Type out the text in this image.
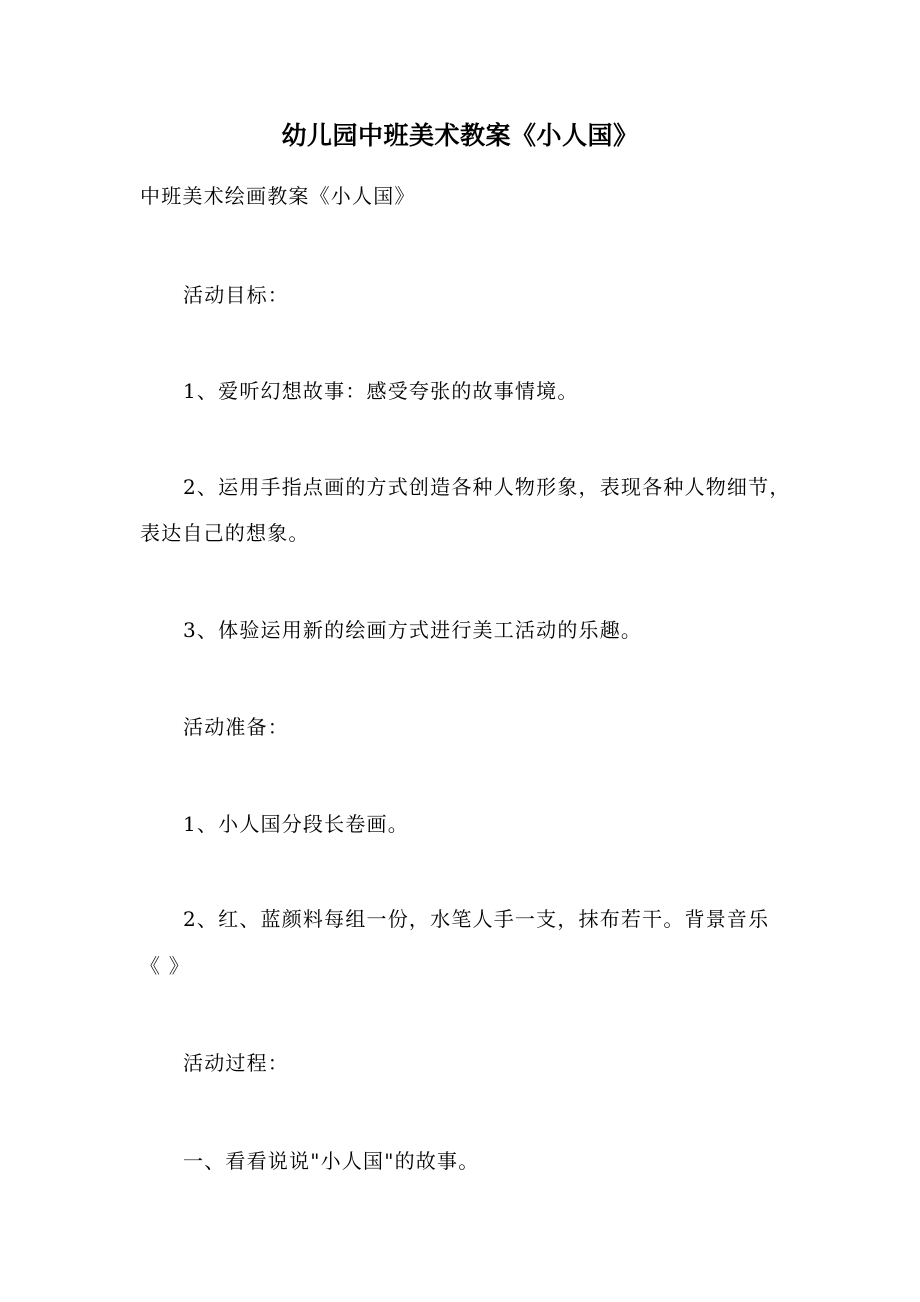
幼儿园中班美术教案《小人国》
中班美术绘画教案《小人国》
活动目标：
1、爱听幻想故事：感受夸张的故事情境。
2、运用手指点画的方式创造各种人物形象，表现各种人物细节，
表达自己的想象。
3、体验运用新的绘画方式进行美工活动的乐趣。
活动准备：
1、小人国分段长卷画。
2、红、蓝颜料每组一份，水笔人手一支，抹布若干。背景音乐
《 》
活动过程：
一、看看说说"小人国"的故事。
